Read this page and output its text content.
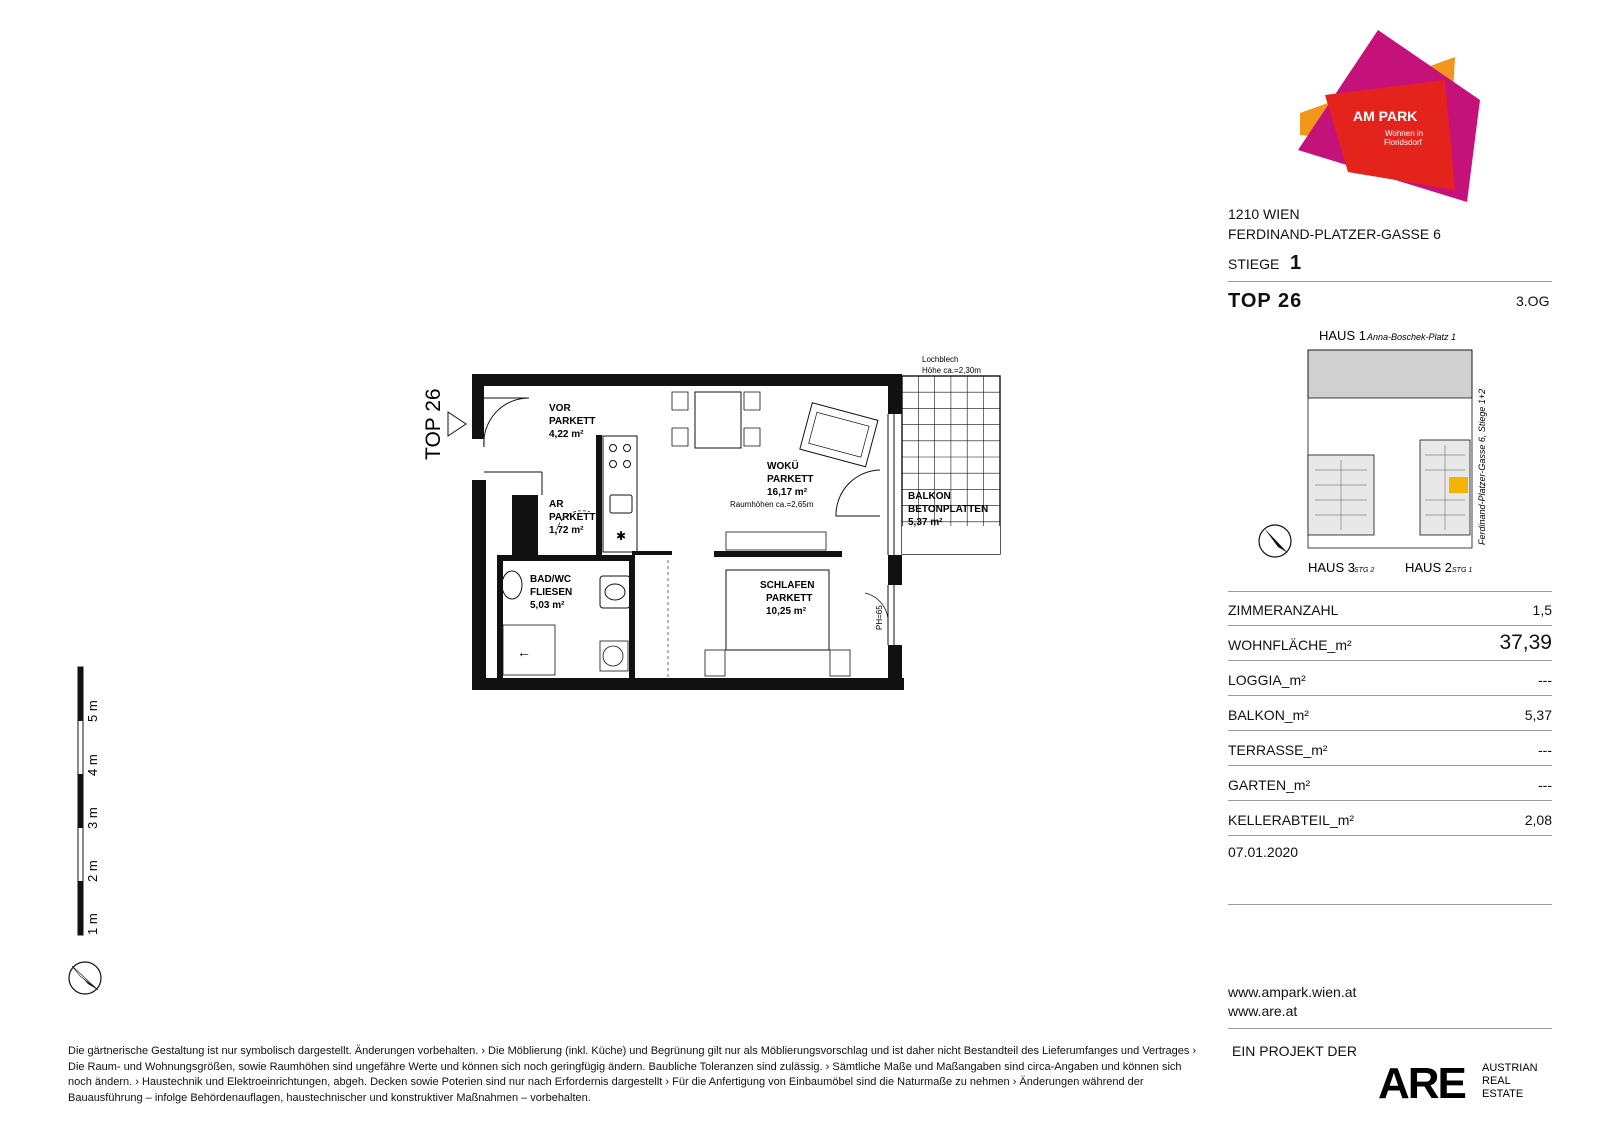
AM PARK
Wohnen in
Floridsdorf
TOP 26
✱
PH=65
←
VOR
PARKETT
4,22 m²
AR
PARKETT
1,72 m²
BAD/WC
FLIESEN
5,03 m²
WOKÜ
PARKETT
16,17 m²
SCHLAFEN
PARKETT
10,25 m²
BALKON
BETONPLATTEN
5,37 m²
Raumhöhen ca.=2,65m
Lochblech
Höhe ca.=2,30m
1 m
2 m
3 m
4 m
5 m
HAUS 1 Anna-Boschek-Platz 1
HAUS 3 STG 2 HAUS 2 STG 1
Ferdinand-Platzer-Gasse 6, Stiege 1+2
ARE AUSTRIAN
REAL
ESTATE
1210 WIEN
FERDINAND-PLATZER-GASSE 6
STIEGE 1
TOP 26	3.OG
ZIMMERANZAHL	1,5
WOHNFLÄCHE_m²	37,39
LOGGIA_m²	---
BALKON_m²	5,37
TERRASSE_m²	---
GARTEN_m²	---
KELLERABTEIL_m²	2,08
07.01.2020
www.ampark.wien.at
www.are.at
EIN PROJEKT DER
Die gärtnerische Gestaltung ist nur symbolisch dargestellt. Änderungen vorbehalten. › Die Möblierung (inkl. Küche) und Begrünung gilt nur als Möblierungsvorschlag und ist daher nicht Bestandteil des Lieferumfanges und Vertrages › Die Raum- und Wohnungsgrößen, sowie Raumhöhen sind ungefähre Werte und können sich noch geringfügig ändern. Baubliche Toleranzen sind zulässig. › Sämtliche Maße und Maßangaben sind circa-Angaben und können sich noch ändern. › Haustechnik und Elektroeinrichtungen, abgeh. Decken sowie Poterien sind nur nach Erfordernis dargestellt › Für die Anfertigung von Einbaumöbel sind die Naturmaße zu nehmen › Änderungen während der Bauausführung – infolge Behördenauflagen, haustechnischer und konstruktiver Maßnahmen – vorbehalten.
